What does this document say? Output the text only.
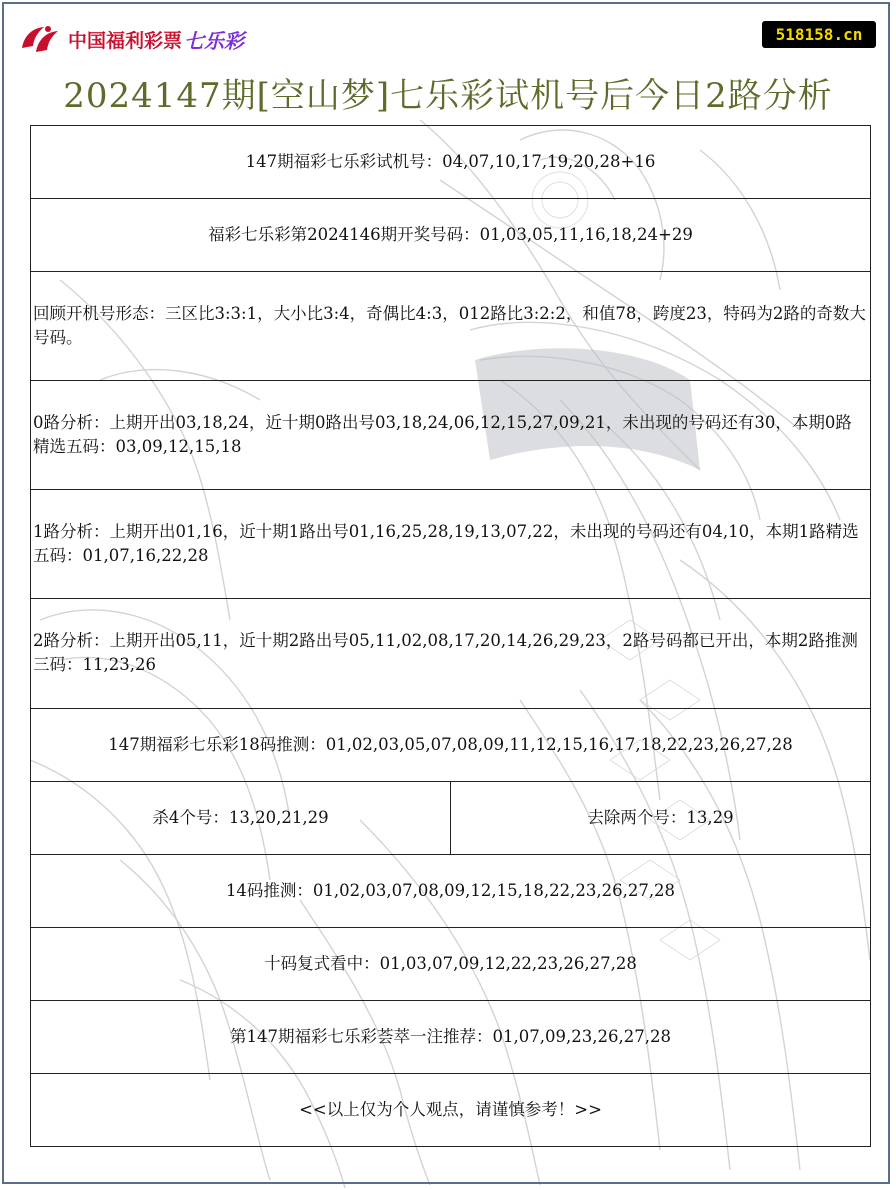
中国福利彩票 七乐彩	518158.cn
2024147期[空山梦]七乐彩试机号后今日2路分析
147期福彩七乐彩试机号：04,07,10,17,19,20,28+16
福彩七乐彩第2024146期开奖号码：01,03,05,11,16,18,24+29
回顾开机号形态：三区比3:3:1，大小比3:4，奇偶比4:3，012路比3:2:2，和值78，跨度23，特码为2路的奇数大号码。
0路分析：上期开出03,18,24，近十期0路出号03,18,24,06,12,15,27,09,21，未出现的号码还有30，本期0路精选五码：03,09,12,15,18
1路分析：上期开出01,16，近十期1路出号01,16,25,28,19,13,07,22，未出现的号码还有04,10，本期1路精选五码：01,07,16,22,28
2路分析：上期开出05,11，近十期2路出号05,11,02,08,17,20,14,26,29,23，2路号码都已开出，本期2路推测三码：11,23,26
147期福彩七乐彩18码推测：01,02,03,05,07,08,09,11,12,15,16,17,18,22,23,26,27,28
杀4个号：13,20,21,29	去除两个号：13,29
14码推测：01,02,03,07,08,09,12,15,18,22,23,26,27,28
十码复式看中：01,03,07,09,12,22,23,26,27,28
第147期福彩七乐彩荟萃一注推荐：01,07,09,23,26,27,28
<<以上仅为个人观点，请谨慎参考！>>
